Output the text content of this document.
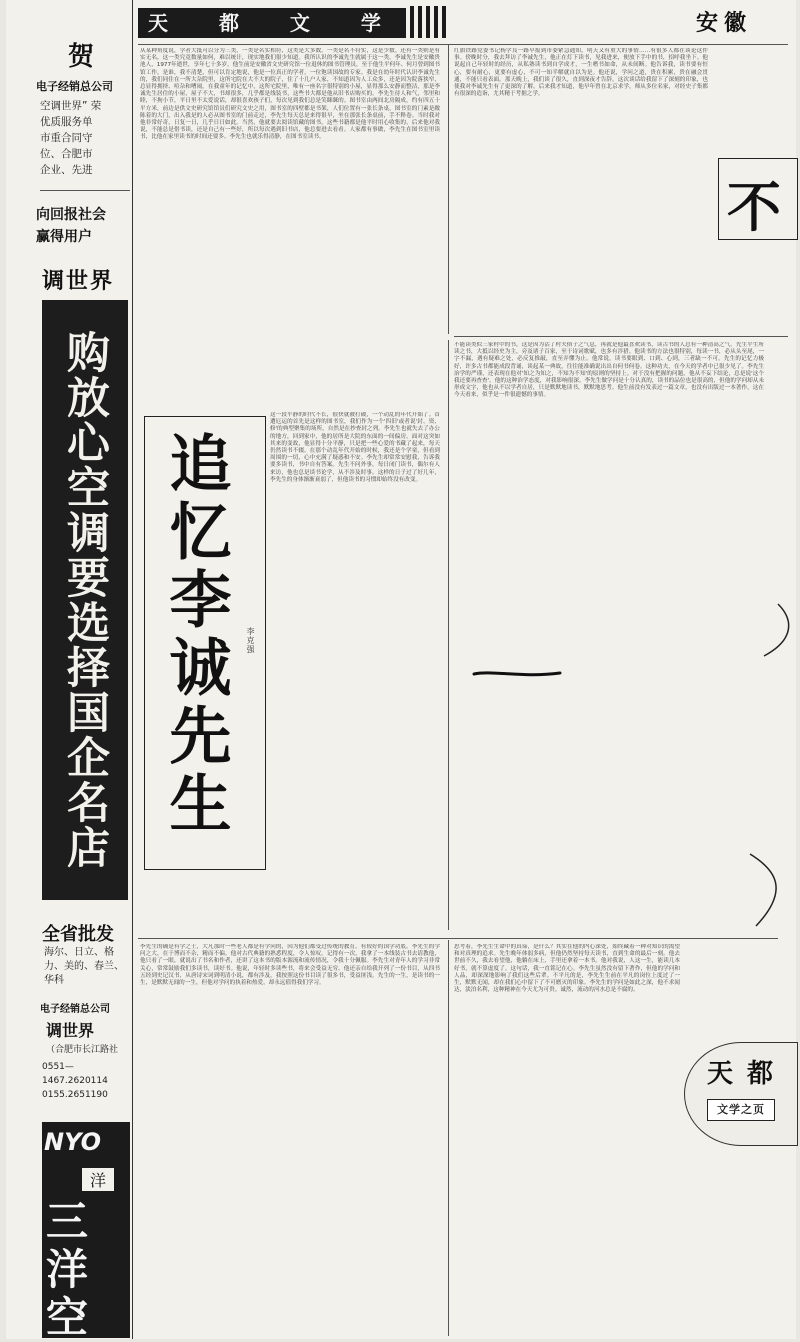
贺
电子经销总公司
空调世界” 荣
优质服务单
市重合同守
位、合肥市
企业、先进
向回报社会
赢得用户
调世界
购放心空调要选择国企名店
全省批发
海尔、日立、格力、美的、春兰、华科
电子经销总公司
调世界
（合肥市长江路社
0551—
1467.2620114
0155.2651190
NYO
洋
三洋空
天 都 文 学	安徽
从某种角度说，学者大抵可以分为三类，一类是名实相符，这类是大多数。一类是名不符实，这是少数。还有一类则是有实无名，这一类究竟数量如何，难以统计，现实地我们很少知道。我所认识的李诚先生就属于这一类。李诚先生是安徽贵池人，1977年逝世，享年七十多岁。他生前是安徽省文史研究馆一位退休的图书管理员，至于他生平何年、何月曾到图书馆工作，是谁，我不清楚，但可以肯定地说，他是一位真正的学者，一位饱读国故的专家。我是在幼年时代认识李诚先生的，我们同住在一所大杂院里，这所宅院在大不大的院子，住了十几户人家，不知道因为人工众多，还是因为院落狭窄，总显得拥挤、喧杂和嘈闹。在我童年的记忆中，这所宅院里，唯有一座名字很特别的小屋，显得那么安静而整洁，那是李诚先生居住的小屋，屋子不大，书却很多，几乎都是线装书，这些书大都是他从旧书店购买的。李先生待人和气，邻里和睦，不拘小节，平日里不太爱说话，却很喜欢孩子们，每次见到我们总是笑眯眯的。图书室由两间北房隔成，约有四五十平方米，前边是供文史研究馆馆员们研究文史之用，图书室的四壁都是书架，人们位置有一张长条桌，图书室的门素是敞陈着的大门，出入我是的人必从图书室的门前走过，李先生每天总是来得很早，坐在那张长条桌前，手不释卷。当时我对他非常好奇，日复一日，几乎日日如此。当然，他就要去阅读馆藏的图书，这些书籍都是他平时用心收集的，后来他对我说，不能总是借书读，还是自己有一些好，所以每次遇到旧书店，他总要进去看看。人家都有事做，李先生在图书室里读书，比他在家里读书的时间还要多。李先生也就乐得清静，在图书室读书。
红旗铁路党委书记杨学良一路早报到市委紧急通知，明天又有重大的事情……有很多人都在谈论这件事。傍晚时分，我去拜访了李诚先生，他正在灯下读书，见我进来，便放下手中的书，招呼我坐下。他说起自己年轻时的经历，从私塾读书到自学成才，一生嗜书如命，从未间断。他告诉我，读书要有恒心，要有耐心，更要有虚心，不可一知半解就自以为是。他还说，学问之道，贵在积累，贵在融会贯通，不能只看表面。那天晚上，我们谈了很久，直到深夜才告辞。这次谈话给我留下了深刻的印象，也使我对李诚先生有了更深的了解。后来我才知道，他早年曾在北京求学，师从多位名家，对经史子集都有很深的造诣，尤其精于考据之学。
这一段平静的时代不长，很快就被打破，一个动乱的年代开始了。首遭厄运的首先是这样的图书室，我们作为一个'四旧'或者说'封、资、修'的典型聚集的场所，自然是在抄查封之列。李先生也就失去了办公的地方，回到家中，他的居所是大院的东面的一间偏房。面对这突如其来的变故，他显得十分平静，只是把一些心爱的书藏了起来，每天仍然读书不辍。在那个动乱年代开始的时候，我还是个学童，但看到周围的一切，心中充满了疑惑和不安。李先生却常常安慰我，告诉我要多读书，书中自有答案。先生不问外事，每日闭门读书，偶尔有人来访，他也总是谈书论学，从不涉及时事。这样的日子过了好几年，李先生的身体渐渐衰弱了，但他读书的习惯却始终没有改变。
不能读类似三家村中的书，这是因为沾了村夫俗子之气息，再就是他最喜欢读书，读古书的人总有一种清高之气。先生平生所读之书，大抵以经史为主，旁及诸子百家，至于诗词歌赋，也多有涉猎。他读书的方法也很特别，每读一书，必从头至尾，一字不漏，遇有疑难之处，必反复推敲，直至弄懂为止。他常说，读书要眼到、口到、心到，三者缺一不可。先生的记忆力极好，许多古书都能成段背诵，谈起某一典故，往往能准确说出出自何书何卷。这种功夫，在今天的学者中已很少见了。李先生治学的严谨，还表现在他对'知之为知之，不知为不知'的原则的坚持上。对于没有把握的问题，他从不妄下结论，总是说'这个我还要再查查'。他的这种治学态度，对我影响很深。李先生做学问是十分认真的，读书的品位也是很高的，但他的学问却从未形成文字，他也从不以学者自居，只是默默地读书，默默地思考。他生前没有发表过一篇文章，也没有出版过一本著作，这在今天看来，似乎是一件很遗憾的事情。
李先生的确是有学之士，大凡那时一些老人都是有学问的，因为他们都受过传统的教育，有较好的国学功底。李先生的学问之大，在于博而不杂，精而不偏。他对古代典籍的熟悉程度，令人惊叹。记得有一次，我拿了一本线装古书去请教他，他只看了一眼，就说出了书名和作者，还讲了这本书的版本源流和流传情况，令我十分佩服。李先生对青年人的学习非常关心，常常鼓励我们多读书，读好书。他说，年轻时多读些书，将来会受益无穷。他还亲自给我开列了一份书目，从四书五经到史记汉书，从唐诗宋词到明清小说，都有涉及。我按照这份书目读了很多书，受益匪浅。先生的一生，是读书的一生，是默默无闻的一生，但他对学问的执着和热爱，却永远值得我们学习。
思考着，李先生生命中的真谛，是什么？其实在他的内心深处，始终藏着一种对知识的渴望和对真理的追求。先生晚年体弱多病，但他仍然坚持每天读书，直到生命的最后一刻。他去世前不久，我去看望他，他躺在床上，手里还拿着一本书。他对我说，人这一生，能读几本好书，就不算虚度了。这句话，我一直铭记在心。李先生虽然没有留下著作，但他的学问和人品，却深深地影响了我们这些后辈。不平凡的是，李先生生前在平凡的岗位上度过了一生，默默无闻，却在我们心中留下了不可磨灭的印象。李先生的学问是如此之深，他不求闻达，淡泊名利，这种精神在今天尤为可贵。诚然，流动的河水总是不腐的。
追忆李诚先生	李克强
不
天都
文学之页
